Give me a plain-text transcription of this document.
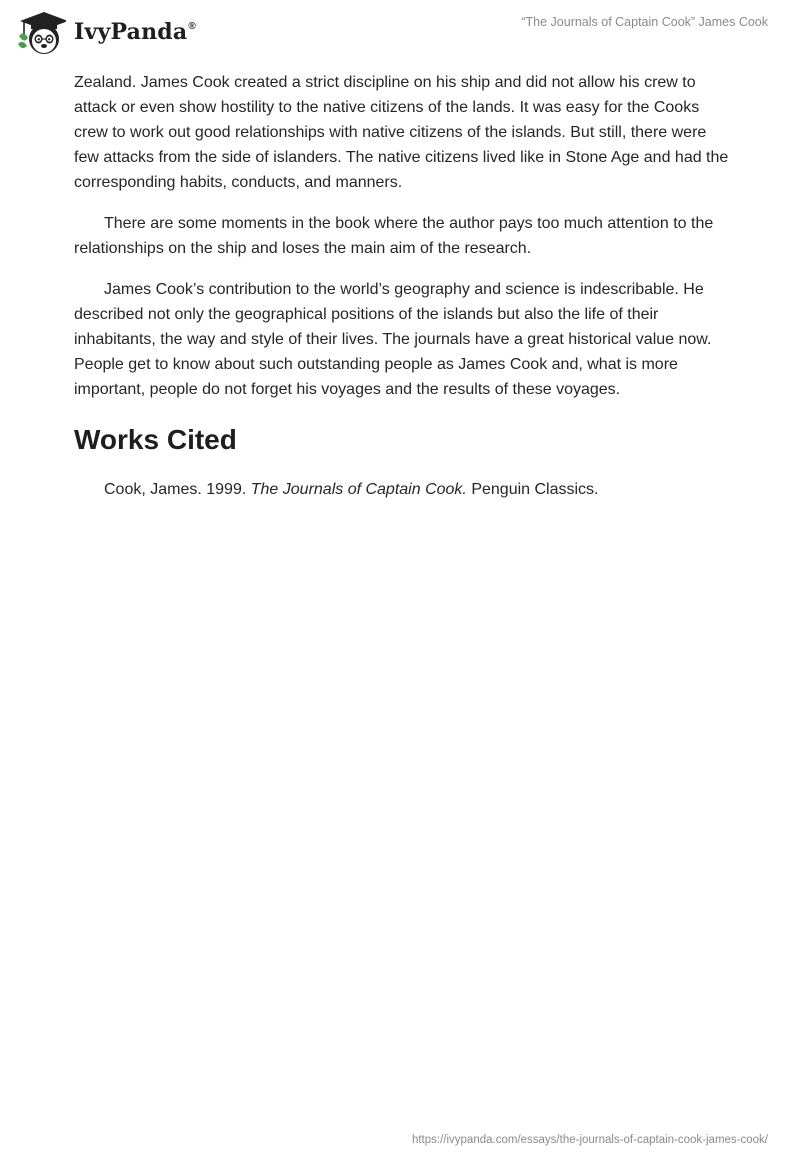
IvyPanda®	“The Journals of Captain Cook” James Cook

Zealand. James Cook created a strict discipline on his ship and did not allow his crew to attack or even show hostility to the native citizens of the lands. It was easy for the Cooks crew to work out good relationships with native citizens of the islands. But still, there were few attacks from the side of islanders. The native citizens lived like in Stone Age and had the corresponding habits, conducts, and manners.

There are some moments in the book where the author pays too much attention to the relationships on the ship and loses the main aim of the research.

James Cook’s contribution to the world’s geography and science is indescribable. He described not only the geographical positions of the islands but also the life of their inhabitants, the way and style of their lives. The journals have a great historical value now. People get to know about such outstanding people as James Cook and, what is more important, people do not forget his voyages and the results of these voyages.

Works Cited

Cook, James. 1999. The Journals of Captain Cook. Penguin Classics.

https://ivypanda.com/essays/the-journals-of-captain-cook-james-cook/
